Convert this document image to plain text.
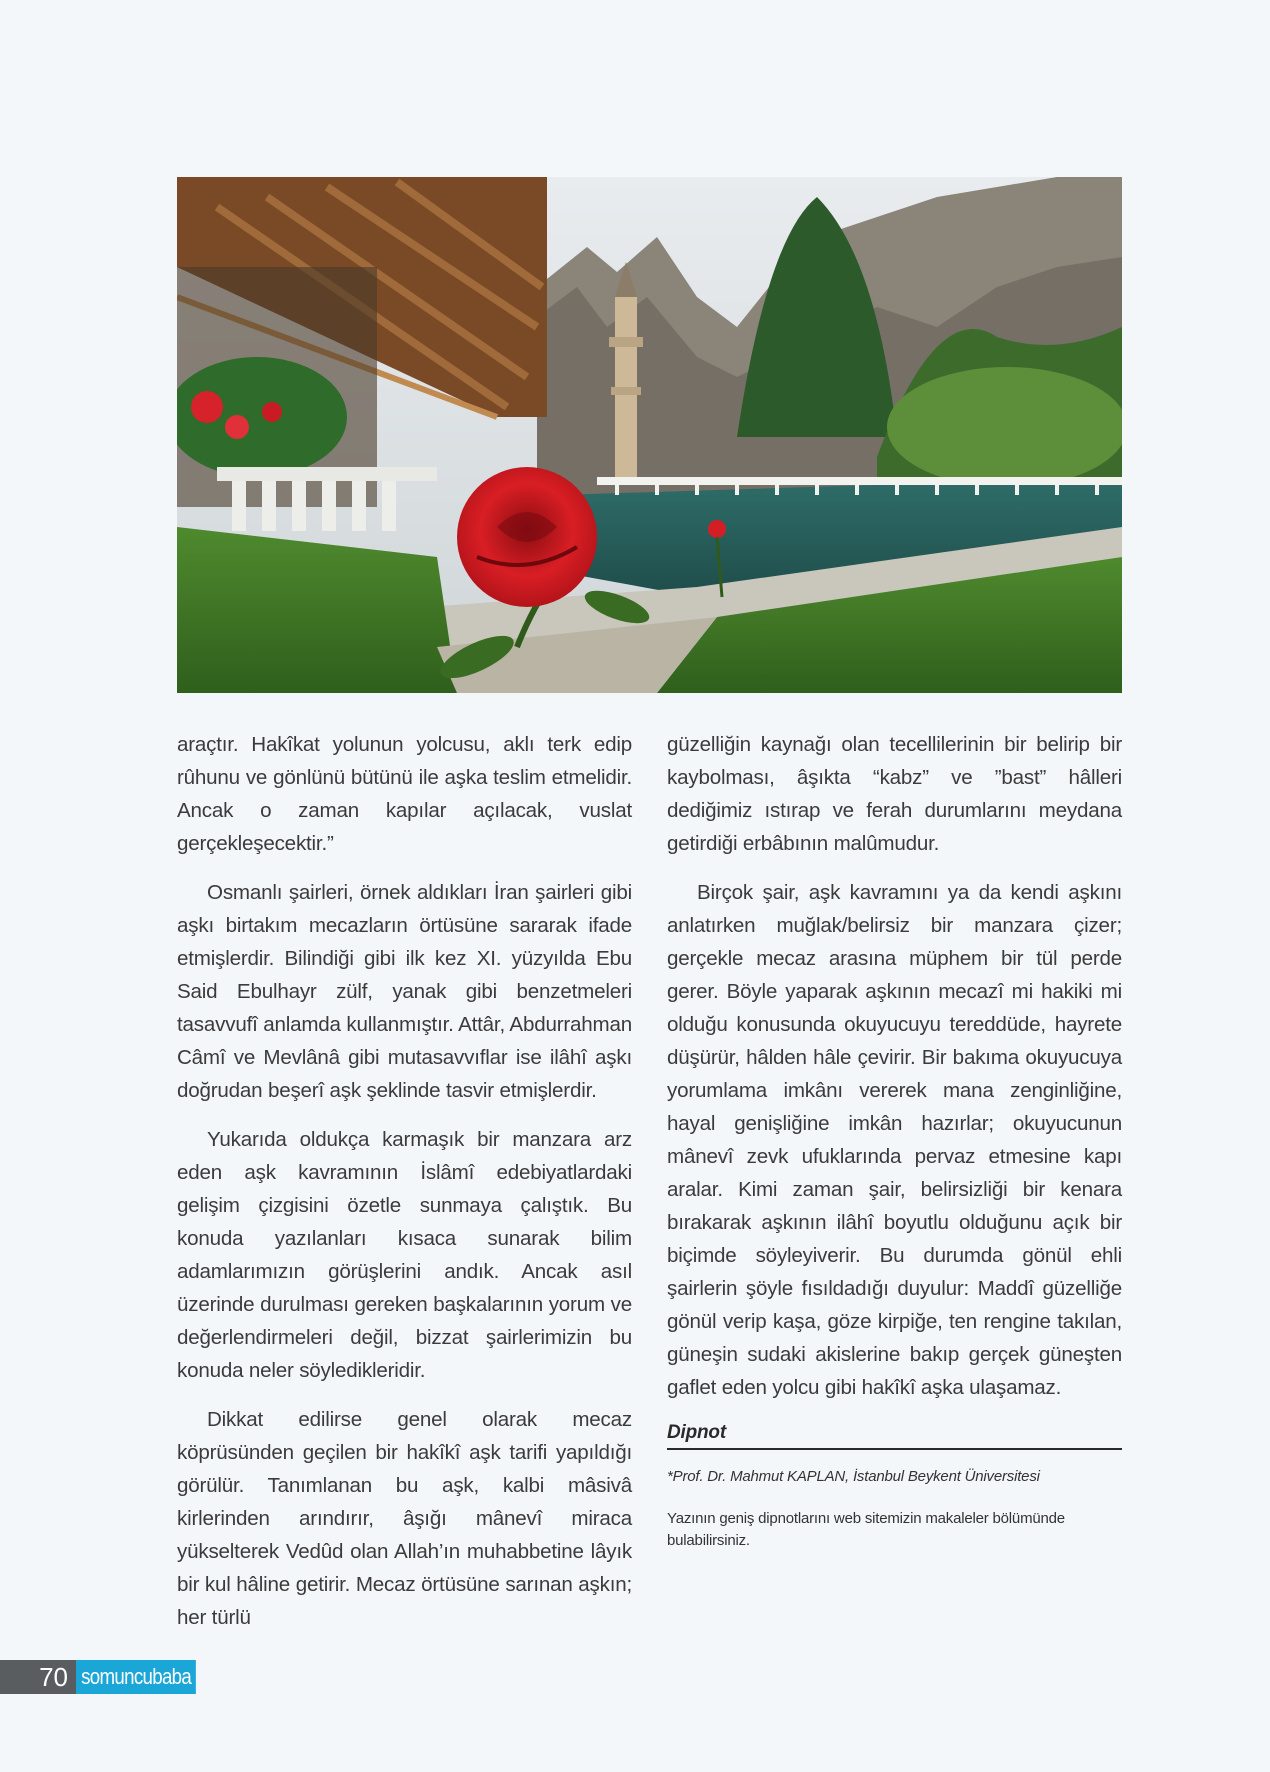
araçtır. Hakîkat yolunun yolcusu, aklı terk edip rûhunu ve gönlünü bütünü ile aşka teslim etmelidir. Ancak o zaman kapılar açılacak, vuslat gerçekleşecektir.”

Osmanlı şairleri, örnek aldıkları İran şairleri gibi aşkı birtakım mecazların örtüsüne sararak ifade etmişlerdir. Bilindiği gibi ilk kez XI. yüzyılda Ebu Said Ebulhayr zülf, yanak gibi benzetmeleri tasavvufî anlamda kullanmıştır. Attâr, Abdurrahman Câmî ve Mevlânâ gibi mutasavvıflar ise ilâhî aşkı doğrudan beşerî aşk şeklinde tasvir etmişlerdir.

Yukarıda oldukça karmaşık bir manzara arz eden aşk kavramının İslâmî edebiyatlardaki gelişim çizgisini özetle sunmaya çalıştık. Bu konuda yazılanları kısaca sunarak bilim adamlarımızın görüşlerini andık. Ancak asıl üzerinde durulması gereken başkalarının yorum ve değerlendirmeleri değil, bizzat şairlerimizin bu konuda neler söyledikleridir.

Dikkat edilirse genel olarak mecaz köprüsünden geçilen bir hakîkî aşk tarifi yapıldığı görülür. Tanımlanan bu aşk, kalbi mâsivâ kirlerinden arındırır, âşığı mânevî miraca yükselterek Vedûd olan Allah’ın muhabbetine lâyık bir kul hâline getirir. Mecaz örtüsüne sarınan aşkın; her türlü

güzelliğin kaynağı olan tecellilerinin bir belirip bir kaybolması, âşıkta “kabz” ve ”bast” hâlleri dediğimiz ıstırap ve ferah durumlarını meydana getirdiği erbâbının malûmudur.

Birçok şair, aşk kavramını ya da kendi aşkını anlatırken muğlak/belirsiz bir manzara çizer; gerçekle mecaz arasına müphem bir tül perde gerer. Böyle yaparak aşkının mecazî mi hakiki mi olduğu konusunda okuyucuyu tereddüde, hayrete düşürür, hâlden hâle çevirir. Bir bakıma okuyucuya yorumlama imkânı vererek mana zenginliğine, hayal genişliğine imkân hazırlar; okuyucunun mânevî zevk ufuklarında pervaz etmesine kapı aralar. Kimi zaman şair, belirsizliği bir kenara bırakarak aşkının ilâhî boyutlu olduğunu açık bir biçimde söyleyiverir. Bu durumda gönül ehli şairlerin şöyle fısıldadığı duyulur: Maddî güzelliğe gönül verip kaşa, göze kirpiğe, ten rengine takılan, güneşin sudaki akislerine bakıp gerçek güneşten gaflet eden yolcu gibi hakîkî aşka ulaşamaz.

Dipnot
*Prof. Dr. Mahmut KAPLAN, İstanbul Beykent Üniversitesi
Yazının geniş dipnotlarını web sitemizin makaleler bölümünde bulabilirsiniz.
70 somuncubaba
